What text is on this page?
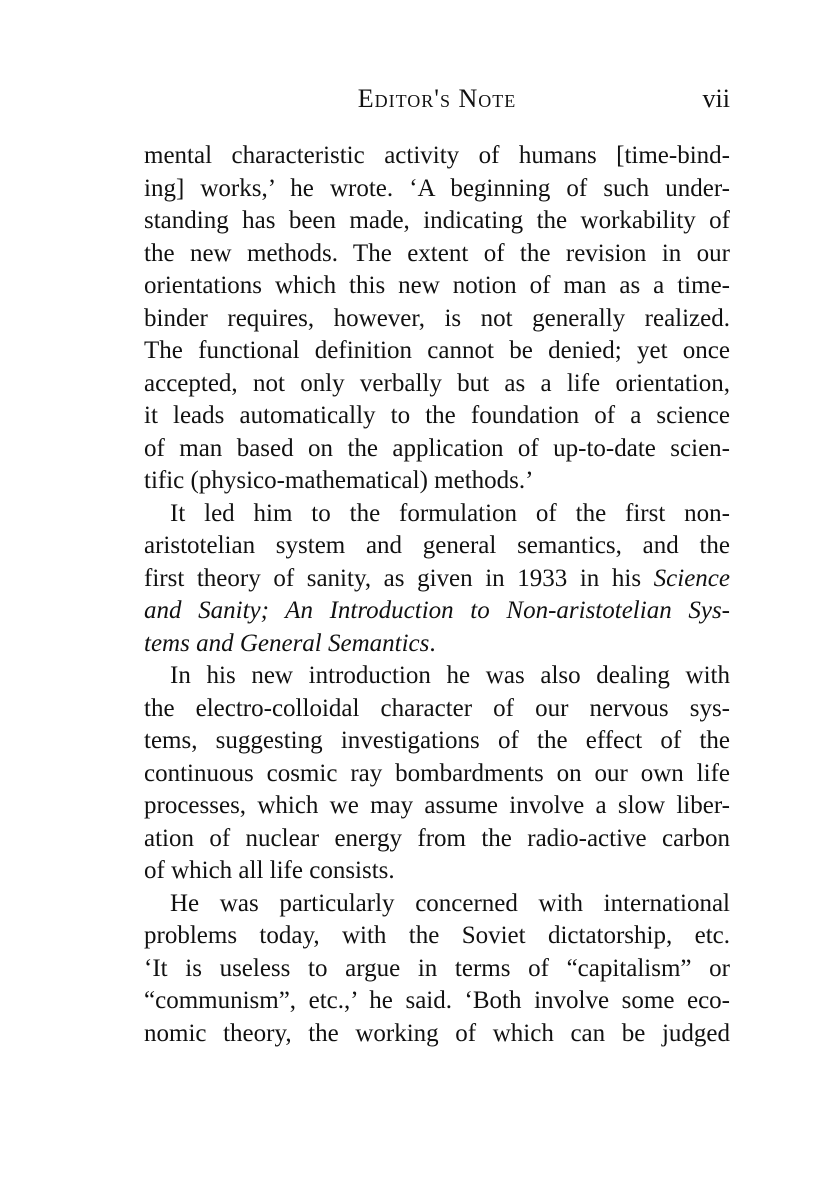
Editor's Note	vii
mental characteristic activity of humans [time-bind-
ing] works,’ he wrote. ‘A beginning of such under-
standing has been made, indicating the workability of
the new methods. The extent of the revision in our
orientations which this new notion of man as a time-
binder requires, however, is not generally realized.
The functional definition cannot be denied; yet once
accepted, not only verbally but as a life orientation,
it leads automatically to the foundation of a science
of man based on the application of up-to-date scien-
tific (physico-mathematical) methods.’
It led him to the formulation of the first non-
aristotelian system and general semantics, and the
first theory of sanity, as given in 1933 in his Science
and Sanity; An Introduction to Non-aristotelian Sys-
tems and General Semantics.
In his new introduction he was also dealing with
the electro-colloidal character of our nervous sys-
tems, suggesting investigations of the effect of the
continuous cosmic ray bombardments on our own life
processes, which we may assume involve a slow liber-
ation of nuclear energy from the radio-active carbon
of which all life consists.
He was particularly concerned with international
problems today, with the Soviet dictatorship, etc.
‘It is useless to argue in terms of “capitalism” or
“communism”, etc.,’ he said. ‘Both involve some eco-
nomic theory, the working of which can be judged
